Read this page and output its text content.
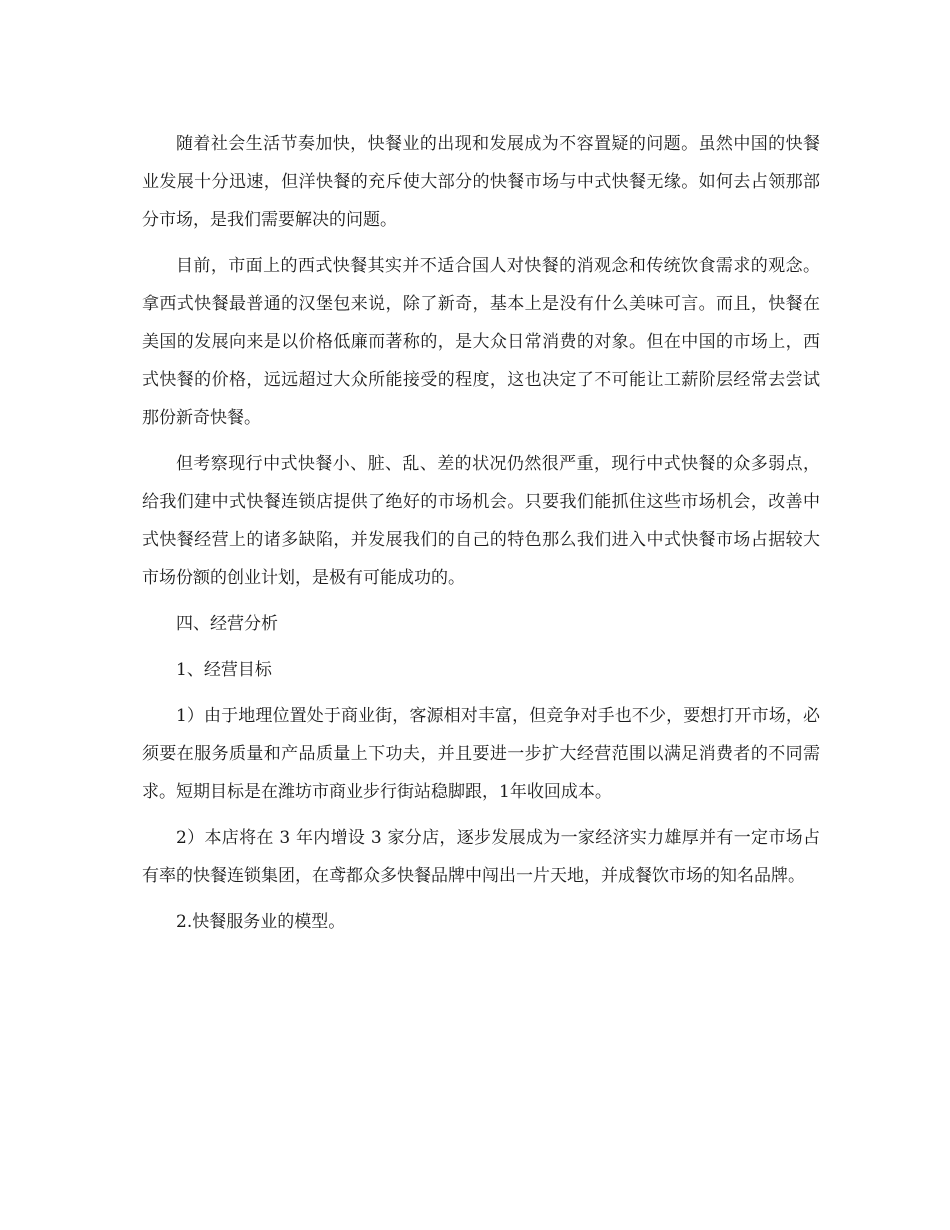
随着社会生活节奏加快，快餐业的出现和发展成为不容置疑的问题。虽然中国的快餐业发展十分迅速，但洋快餐的充斥使大部分的快餐市场与中式快餐无缘。如何去占领那部分市场，是我们需要解决的问题。

目前，市面上的西式快餐其实并不适合国人对快餐的消观念和传统饮食需求的观念。拿西式快餐最普通的汉堡包来说，除了新奇，基本上是没有什么美味可言。而且，快餐在美国的发展向来是以价格低廉而著称的，是大众日常消费的对象。但在中国的市场上，西式快餐的价格，远远超过大众所能接受的程度，这也决定了不可能让工薪阶层经常去尝试那份新奇快餐。

但考察现行中式快餐小、脏、乱、差的状况仍然很严重，现行中式快餐的众多弱点，给我们建中式快餐连锁店提供了绝好的市场机会。只要我们能抓住这些市场机会，改善中式快餐经营上的诸多缺陷，并发展我们的自己的特色那么我们进入中式快餐市场占据较大市场份额的创业计划，是极有可能成功的。

四、经营分析

1、经营目标

1）由于地理位置处于商业街，客源相对丰富，但竞争对手也不少，要想打开市场，必须要在服务质量和产品质量上下功夫，并且要进一步扩大经营范围以满足消费者的不同需求。短期目标是在潍坊市商业步行街站稳脚跟，1年收回成本。

2）本店将在 3 年内增设 3 家分店，逐步发展成为一家经济实力雄厚并有一定市场占有率的快餐连锁集团，在鸢都众多快餐品牌中闯出一片天地，并成餐饮市场的知名品牌。

2.快餐服务业的模型。
